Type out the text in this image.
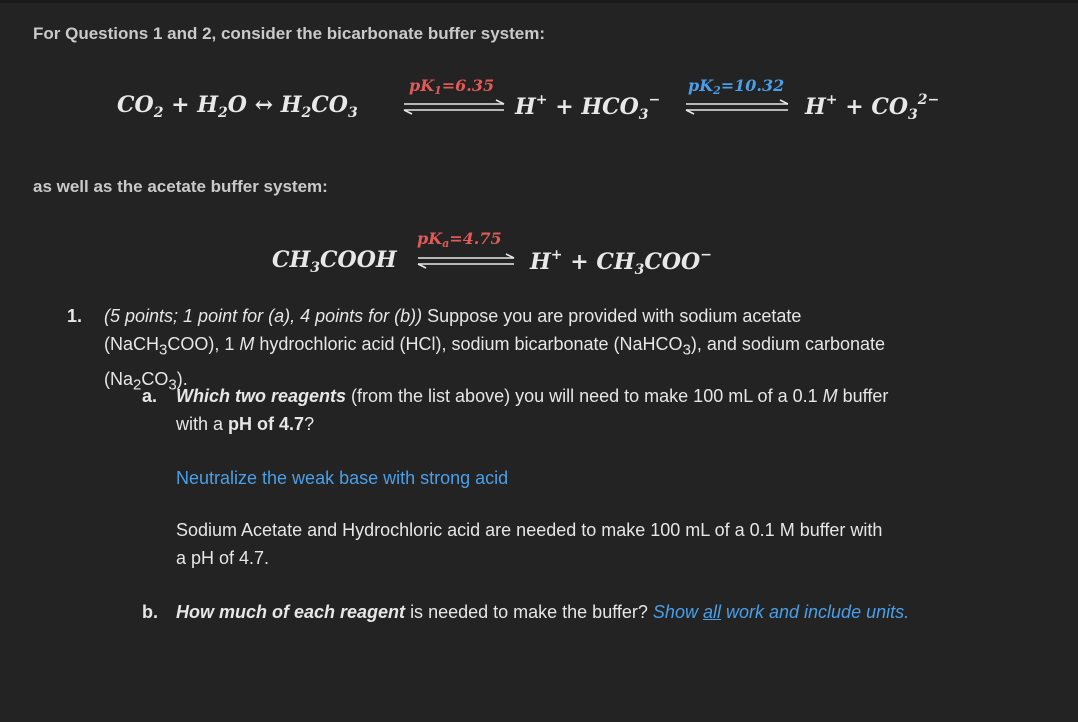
For Questions 1 and 2, consider the bicarbonate buffer system:
$CO_2 + H_2O$ ↔ $H_2CO_3$
$pK_1=6.35$
$H^+ + HCO_3^-$
$pK_2=10.32$
$H^+ + CO_3^{2-}$
as well as the acetate buffer system:
$CH_3COOH$
$pK_a=4.75$
$H^+ + CH_3COO^-$
1. (5 points; 1 point for (a), 4 points for (b)) Suppose you are provided with sodium acetate
(NaCH$_3$COO), 1 M hydrochloric acid (HCl), sodium bicarbonate (NaHCO$_3$), and sodium carbonate
$(Na_2CO_3)$.
a. Which two reagents (from the list above) you will need to make 100 mL of a 0.1 M buffer
with a pH of 4.7?
Neutralize the weak base with strong acid
Sodium Acetate and Hydrochloric acid are needed to make 100 mL of a 0.1 M buffer with
a pH of 4.7.
b. How much of each reagent is needed to make the buffer? Show all work and include units.
